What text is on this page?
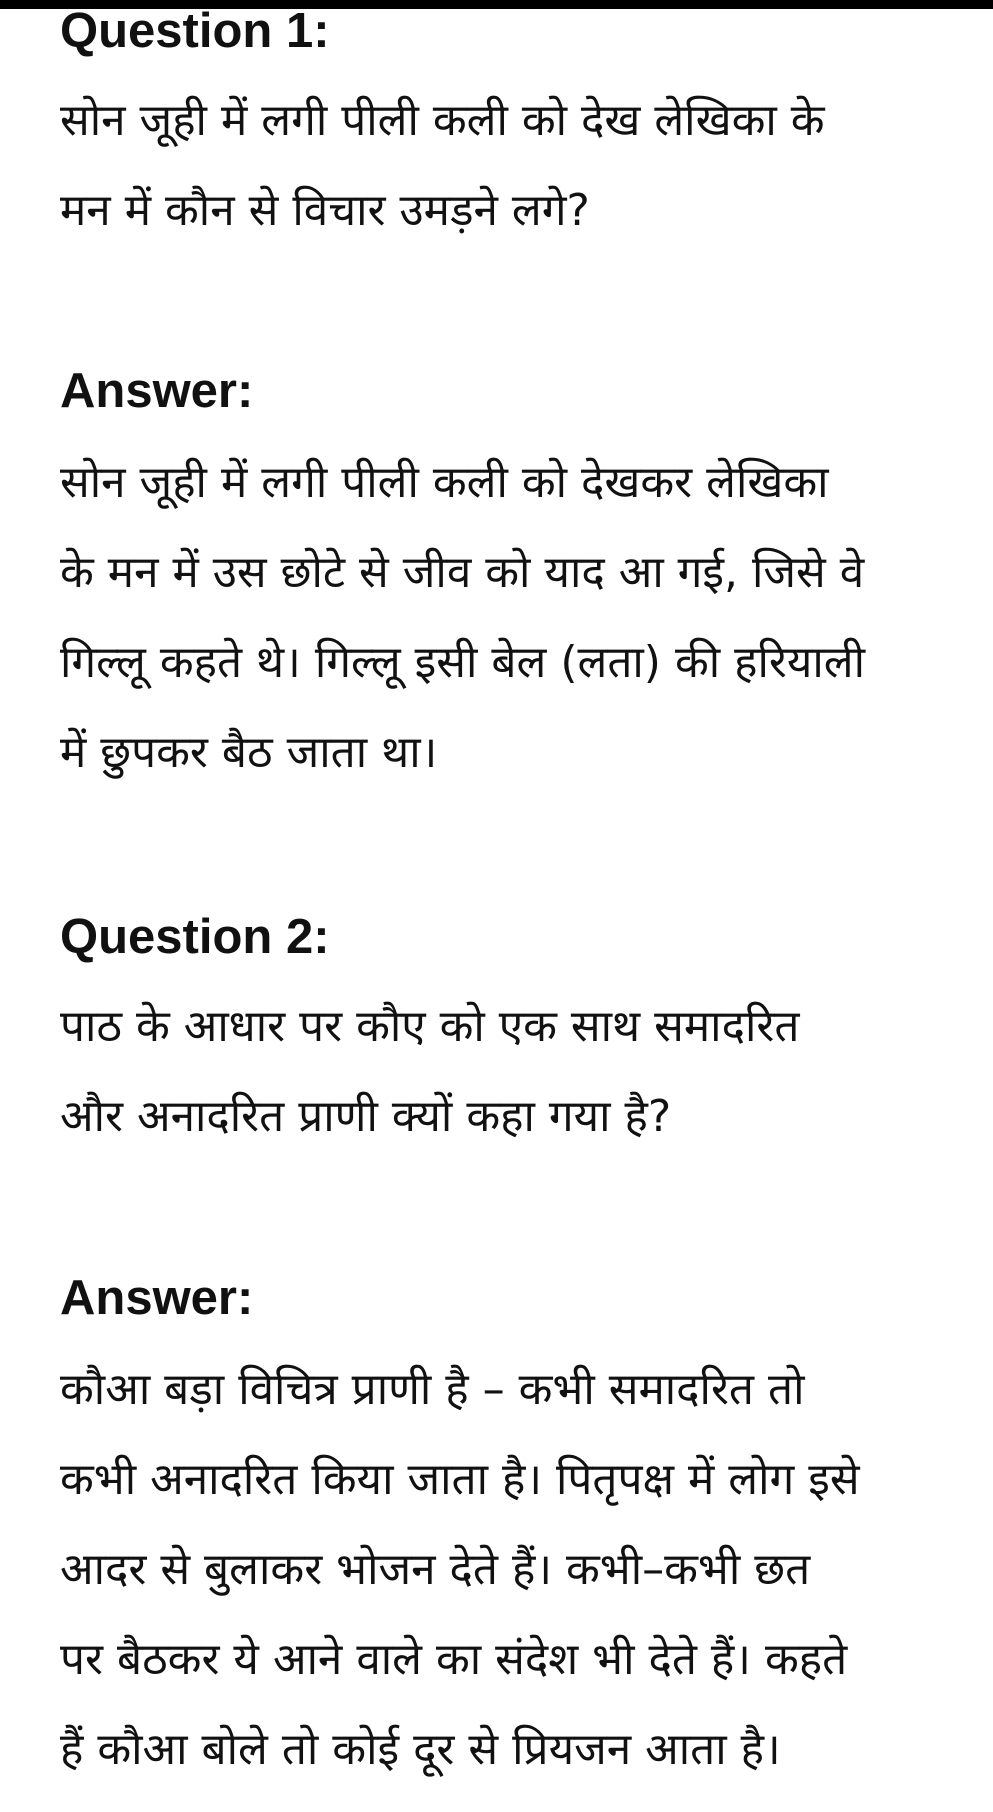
Question 1:
सोन जूही में लगी पीली कली को देख लेखिका के
मन में कौन से विचार उमड़ने लगे?
Answer:
सोन जूही में लगी पीली कली को देखकर लेखिका
के मन में उस छोटे से जीव को याद आ गई, जिसे वे
गिल्लू कहते थे। गिल्लू इसी बेल (लता) की हरियाली
में छुपकर बैठ जाता था।
Question 2:
पाठ के आधार पर कौए को एक साथ समादरित
और अनादरित प्राणी क्यों कहा गया है?
Answer:
कौआ बड़ा विचित्र प्राणी है – कभी समादरित तो
कभी अनादरित किया जाता है। पितृपक्ष में लोग इसे
आदर से बुलाकर भोजन देते हैं। कभी–कभी छत
पर बैठकर ये आने वाले का संदेश भी देते हैं। कहते
हैं कौआ बोले तो कोई दूर से प्रियजन आता है।
